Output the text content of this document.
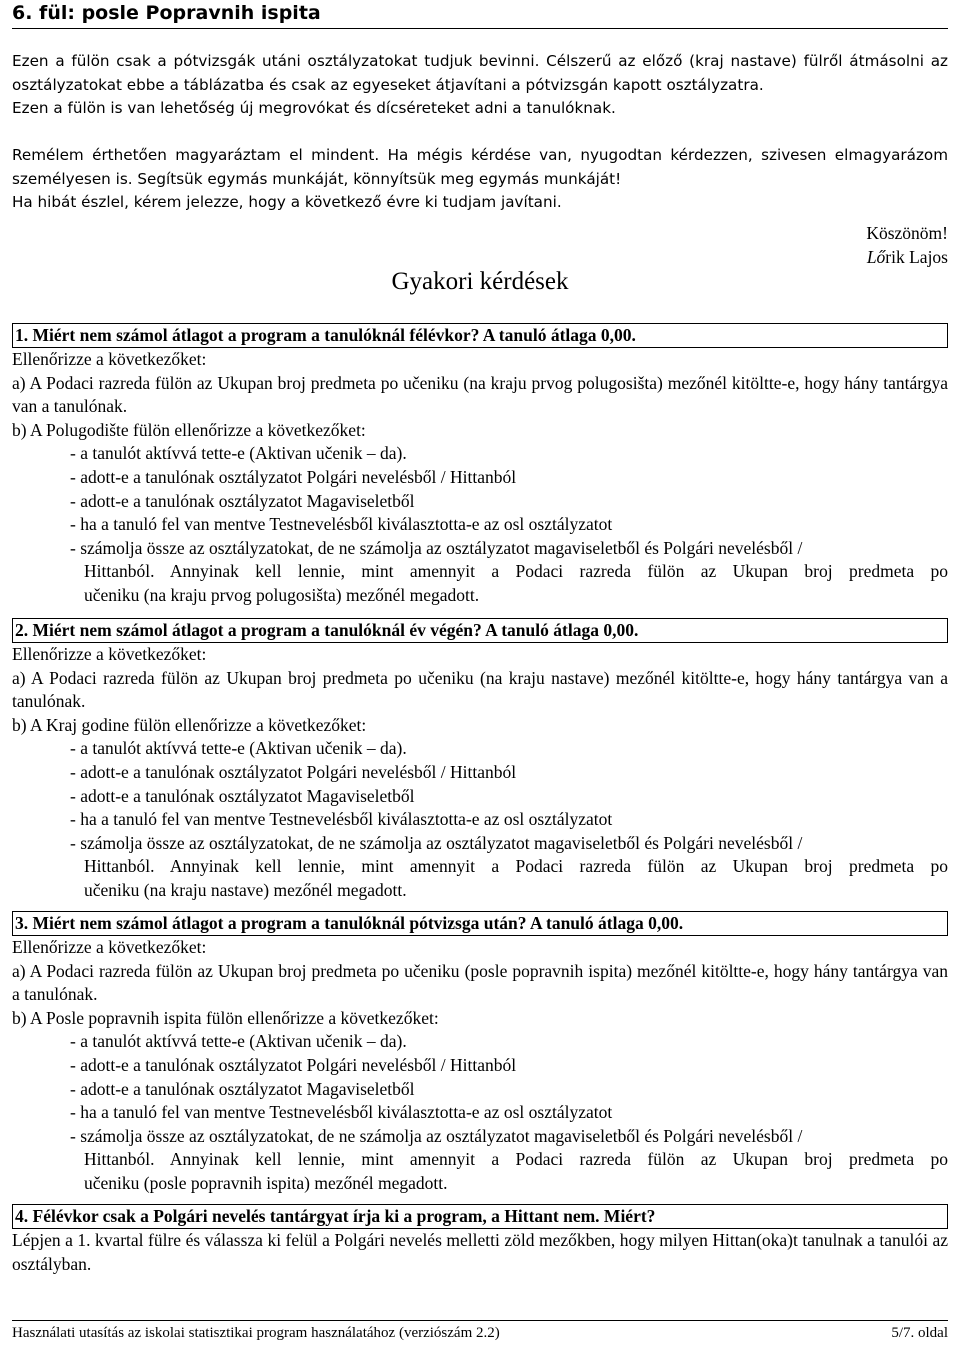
6. fül: posle Popravnih ispita

Ezen a fülön csak a pótvizsgák utáni osztályzatokat tudjuk bevinni. Célszerű az előző (kraj nastave) fülről átmásolni az osztályzatokat ebbe a táblázatba és csak az egyeseket átjavítani a pótvizsgán kapott osztályzatra.

Ezen a fülön is van lehetőség új megrovókat és dícséreteket adni a tanulóknak.

Remélem érthetően magyaráztam el mindent. Ha mégis kérdése van, nyugodtan kérdezzen, szivesen elmagyarázom személyesen is. Segítsük egymás munkáját, könnyítsük meg egymás munkáját!

Ha hibát észlel, kérem jelezze, hogy a következő évre ki tudjam javítani.

Köszönöm!
Lőrik Lajos
Gyakori kérdések
1. Miért nem számol átlagot a program a tanulóknál félévkor? A tanuló átlaga 0,00.
Ellenőrizze a következőket:
a) A Podaci razreda fülön az Ukupan broj predmeta po učeniku (na kraju prvog polugosišta) mezőnél kitöltte-e, hogy hány tantárgya van a tanulónak.
b) A Polugodište fülön ellenőrizze a következőket:
- a tanulót aktívvá tette-e (Aktivan učenik – da).
- adott-e a tanulónak osztályzatot Polgári nevelésből / Hittanból
- adott-e a tanulónak osztályzatot Magaviseletből
- ha a tanuló fel van mentve Testnevelésből kiválasztotta-e az osl osztályzatot
- számolja össze az osztályzatokat, de ne számolja az osztályzatot magaviseletből és Polgári nevelésből /
Hittanból. Annyinak kell lennie, mint amennyit a Podaci razreda fülön az Ukupan broj predmeta po
učeniku (na kraju prvog polugosišta) mezőnél megadott.
2. Miért nem számol átlagot a program a tanulóknál év végén? A tanuló átlaga 0,00.
Ellenőrizze a következőket:
a) A Podaci razreda fülön az Ukupan broj predmeta po učeniku (na kraju nastave) mezőnél kitöltte-e, hogy hány tantárgya van a tanulónak.
b) A Kraj godine fülön ellenőrizze a következőket:
- a tanulót aktívvá tette-e (Aktivan učenik – da).
- adott-e a tanulónak osztályzatot Polgári nevelésből / Hittanból
- adott-e a tanulónak osztályzatot Magaviseletből
- ha a tanuló fel van mentve Testnevelésből kiválasztotta-e az osl osztályzatot
- számolja össze az osztályzatokat, de ne számolja az osztályzatot magaviseletből és Polgári nevelésből /
Hittanból. Annyinak kell lennie, mint amennyit a Podaci razreda fülön az Ukupan broj predmeta po
učeniku (na kraju nastave) mezőnél megadott.
3. Miért nem számol átlagot a program a tanulóknál pótvizsga után? A tanuló átlaga 0,00.
Ellenőrizze a következőket:
a) A Podaci razreda fülön az Ukupan broj predmeta po učeniku (posle popravnih ispita) mezőnél kitöltte-e, hogy hány tantárgya van a tanulónak.
b) A Posle popravnih ispita fülön ellenőrizze a következőket:
- a tanulót aktívvá tette-e (Aktivan učenik – da).
- adott-e a tanulónak osztályzatot Polgári nevelésből / Hittanból
- adott-e a tanulónak osztályzatot Magaviseletből
- ha a tanuló fel van mentve Testnevelésből kiválasztotta-e az osl osztályzatot
- számolja össze az osztályzatokat, de ne számolja az osztályzatot magaviseletből és Polgári nevelésből /
Hittanból. Annyinak kell lennie, mint amennyit a Podaci razreda fülön az Ukupan broj predmeta po
učeniku (posle popravnih ispita) mezőnél megadott.
4. Félévkor csak a Polgári nevelés tantárgyat írja ki a program, a Hittant nem. Miért?
Lépjen a 1. kvartal fülre és válassza ki felül a Polgári nevelés melletti zöld mezőkben, hogy milyen Hittan(oka)t tanulnak a tanulói az osztályban.
Használati utasítás az iskolai statisztikai program használatához (verziószám 2.2)	5/7. oldal
